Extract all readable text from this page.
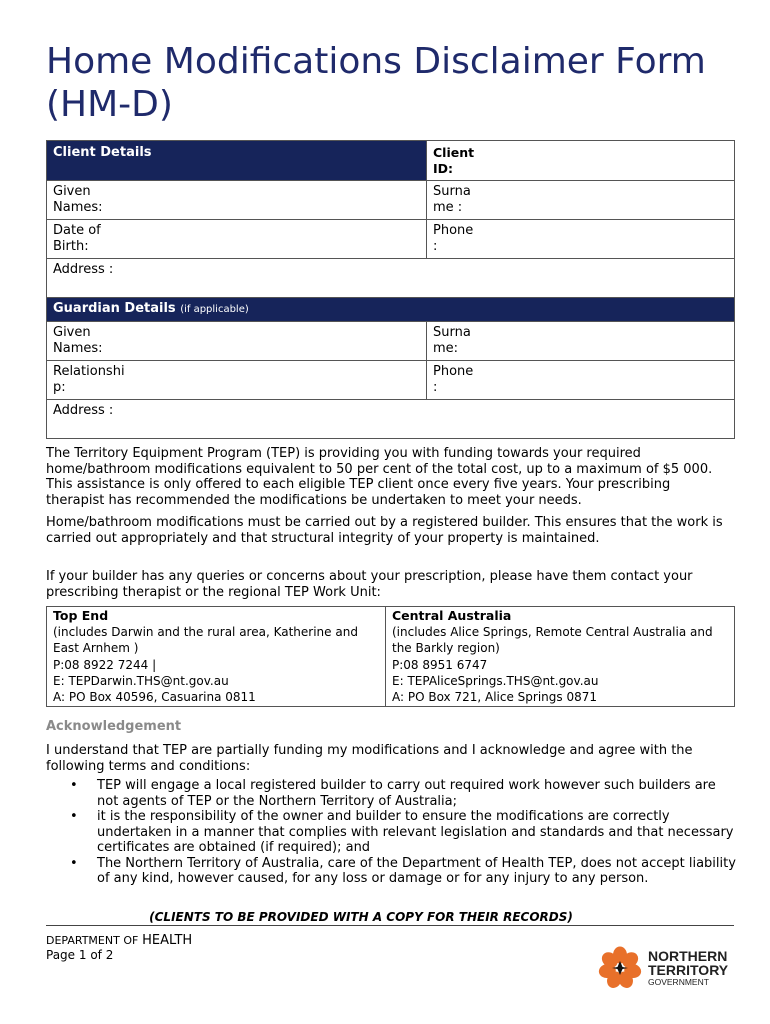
Home Modifications Disclaimer Form (HM-D)
Client Details	Client ID:

Given Names:	Surname :

Date of Birth:	Phone :

Address :	

Guardian Details (if applicable)	

Given Names:	Surname:

Relationship:	Phone :

Address :	

The Territory Equipment Program (TEP) is providing you with funding towards your required home/bathroom modifications equivalent to 50 per cent of the total cost, up to a maximum of $5 000. This assistance is only offered to each eligible TEP client once every five years. Your prescribing therapist has recommended the modifications be undertaken to meet your needs.

Home/bathroom modifications must be carried out by a registered builder. This ensures that the work is carried out appropriately and that structural integrity of your property is maintained.

If your builder has any queries or concerns about your prescription, please have them contact your prescribing therapist or the regional TEP Work Unit:

Top End
(includes Darwin and the rural area, Katherine and East Arnhem )
P:08 8922 7244 |
E: TEPDarwin.THS@nt.gov.au
A: PO Box 40596, Casuarina 0811

Central Australia
(includes Alice Springs, Remote Central Australia and the Barkly region)
P:08 8951 6747
E: TEPAliceSprings.THS@nt.gov.au
A: PO Box 721, Alice Springs 0871

Acknowledgement

I understand that TEP are partially funding my modifications and I acknowledge and agree with the following terms and conditions:

• TEP will engage a local registered builder to carry out required work however such builders are not agents of TEP or the Northern Territory of Australia;
• it is the responsibility of the owner and builder to ensure the modifications are correctly undertaken in a manner that complies with relevant legislation and standards and that necessary certificates are obtained (if required); and
• The Northern Territory of Australia, care of the Department of Health TEP, does not accept liability of any kind, however caused, for any loss or damage or for any injury to any person.

(CLIENTS TO BE PROVIDED WITH A COPY FOR THEIR RECORDS)

DEPARTMENT OF HEALTH
Page 1 of 2	NORTHERN
TERRITORY
GOVERNMENT
